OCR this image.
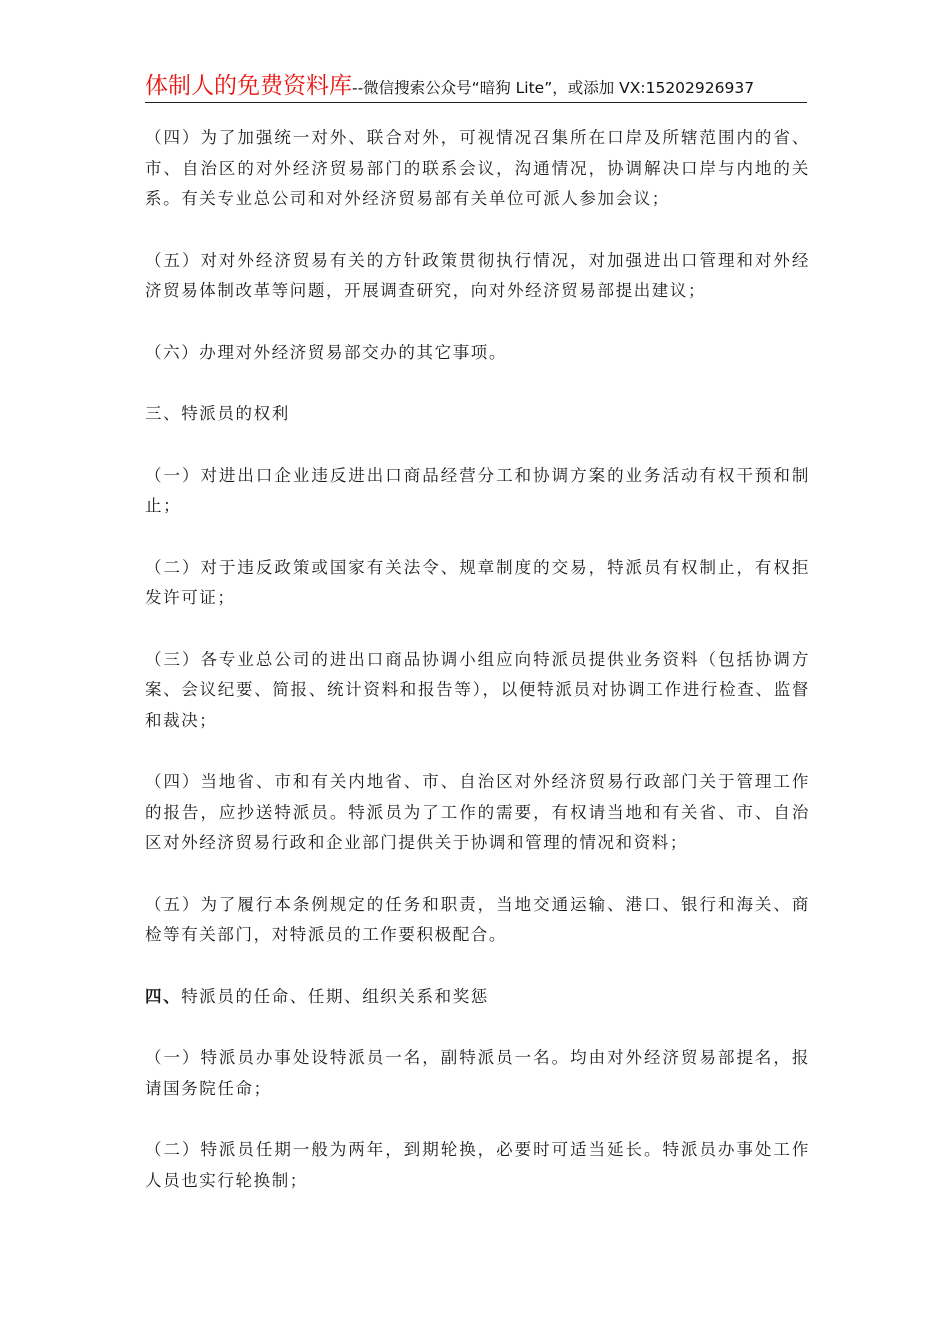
体制人的免费资料库--微信搜索公众号“暗狗 Lite”，或添加 VX:15202926937

（四）为了加强统一对外、联合对外，可视情况召集所在口岸及所辖范围内的省、市、自治区的对外经济贸易部门的联系会议，沟通情况，协调解决口岸与内地的关系。有关专业总公司和对外经济贸易部有关单位可派人参加会议；

（五）对对外经济贸易有关的方针政策贯彻执行情况，对加强进出口管理和对外经济贸易体制改革等问题，开展调查研究，向对外经济贸易部提出建议；

（六）办理对外经济贸易部交办的其它事项。

三、特派员的权利

（一）对进出口企业违反进出口商品经营分工和协调方案的业务活动有权干预和制止；

（二）对于违反政策或国家有关法令、规章制度的交易，特派员有权制止，有权拒发许可证；

（三）各专业总公司的进出口商品协调小组应向特派员提供业务资料（包括协调方案、会议纪要、简报、统计资料和报告等），以便特派员对协调工作进行检查、监督和裁决；

（四）当地省、市和有关内地省、市、自治区对外经济贸易行政部门关于管理工作的报告，应抄送特派员。特派员为了工作的需要，有权请当地和有关省、市、自治区对外经济贸易行政和企业部门提供关于协调和管理的情况和资料；

（五）为了履行本条例规定的任务和职责，当地交通运输、港口、银行和海关、商检等有关部门，对特派员的工作要积极配合。

四、特派员的任命、任期、组织关系和奖惩

（一）特派员办事处设特派员一名，副特派员一名。均由对外经济贸易部提名，报请国务院任命；

（二）特派员任期一般为两年，到期轮换，必要时可适当延长。特派员办事处工作人员也实行轮换制；
